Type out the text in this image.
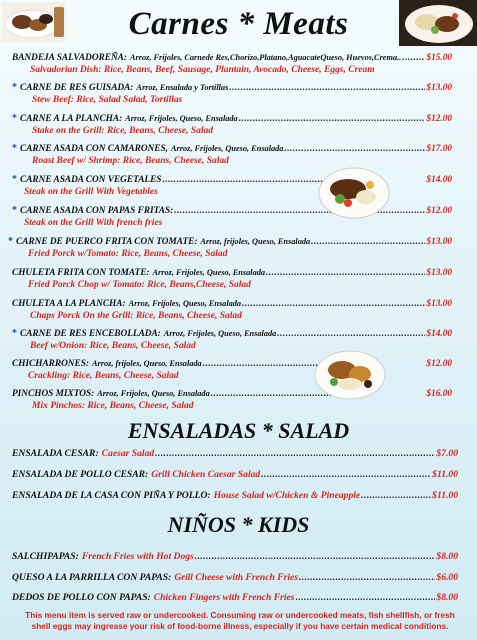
Carnes * Meats
BANDEJA SALVADOREÑA: Arroz, Frijoles, Carnede Res,Chorizo,Platano,AguacateQueso, Huevos,Crema.. .....	$15.00
Salvadorian Dish: Rice, Beans, Beef, Sausage, Plantain, Avocado, Cheese, Eggs, Cream
* CARNE DE RES GUISADA: Arroz, Ensalada y Tortillas .....	$13.00
Stew Beef: Rice, Salad Salad, Tortillas
* CARNE A LA PLANCHA: Arroz, Frijoles, Queso, Ensalada .....	$12.00
Stake on the Grill: Rice, Beans, Cheese, Salad
* CARNE ASADA CON CAMARONES, Arroz, Frijoles, Queso, Ensalada .....	$17.00
Roast Beef w/ Shrimp: Rice, Beans, Cheese, Salad
* CARNE ASADA CON VEGETALES .....	$14.00
Steak on the Grill With Vegetables
* CARNE ASADA CON PAPAS FRITAS: .....	$12.00
Steak on the Grill With french fries
* CARNE DE PUERCO FRITA CON TOMATE: Arroz, frijoles, Queso, Ensalada .....	$13.00
Fried Porck w/Tomato: Rice, Beans, Cheese, Salad
CHULETA FRITA CON TOMATE: Arroz, Frijoles, Queso, Ensalada .....	$13.00
Fried Porck Chop w/ Tomato: Rice, Beans,Cheese, Salad
CHULETA A LA PLANCHA: Arroz, Frijoles, Queso, Ensalada .....	$13.00
Chaps Porck On the Grill: Rice, Beans, Cheese, Salad
* CARNE DE RES ENCEBOLLADA: Arroz, Frijoles, Queso, Ensalada .....	$14.00
Beef w/Onion: Rice, Beans, Cheese, Salad
CHICHARRONES: Arroz, frijoles, Queso, Ensalada .....	$12.00
Crackling: Rice, Beans, Cheese, Salad
PINCHOS MIXTOS: Arroz, Frijoles, Queso, Ensalada .....	$16.00
Mix Pinchos: Rice, Beans, Cheese, Salad
ENSALADAS * SALAD
ENSALADA CESAR: Caesar Salad .....	$7.00
ENSALADA DE POLLO CESAR: Grill Chicken Caesar Salad .....	$11.00
ENSALADA DE LA CASA CON PIÑA Y POLLO: House Salad w/Chicken & Pineapple .....	$11.00
NIÑOS * KIDS
SALCHIPAPAS: French Fries with Hot Dogs .....	$8.00
QUESO A LA PARRILLA CON PAPAS: Grill Cheese with French Fries .....	$6.00
DEDOS DE POLLO CON PAPAS: Chicken Fingers with French Fries .....	$8.00
This menu item is served raw or undercooked. Consuming raw or undercooked meats, fish shellfish, or fresh
shell eggs may ingrease your risk of food-borne illness, especially if you have certain medical conditions.
